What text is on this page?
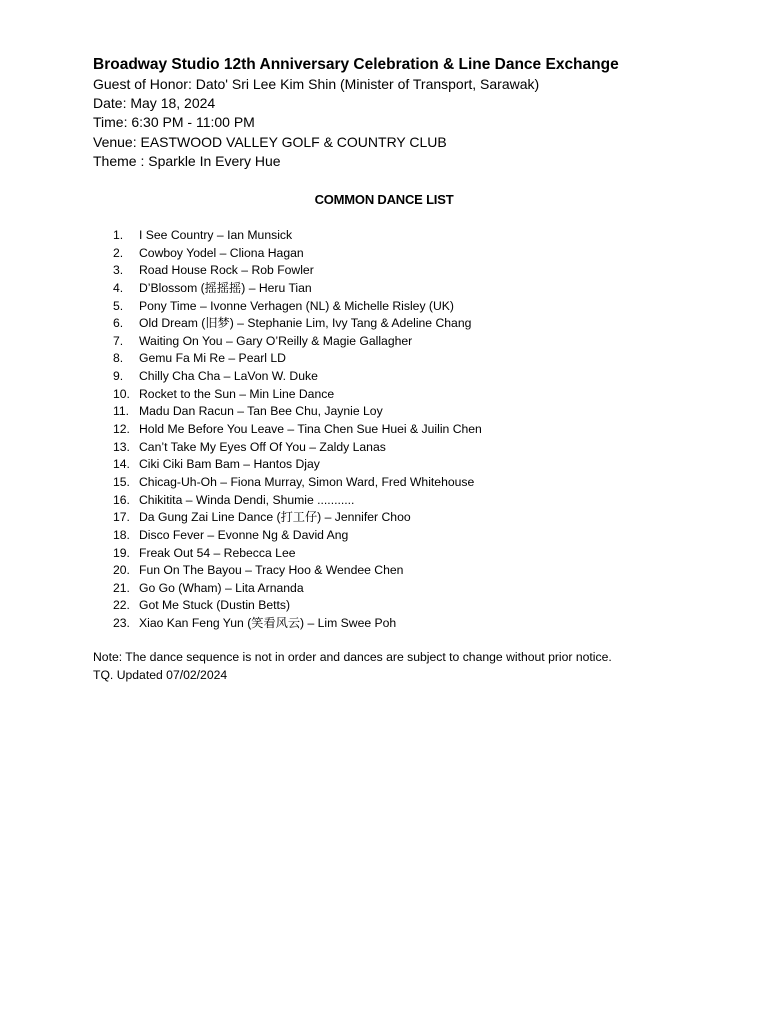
Broadway Studio 12th Anniversary Celebration & Line Dance Exchange
Guest of Honor: Dato' Sri Lee Kim Shin (Minister of Transport, Sarawak)
Date: May 18, 2024
Time: 6:30 PM - 11:00 PM
Venue: EASTWOOD VALLEY GOLF & COUNTRY CLUB
Theme : Sparkle In Every Hue
COMMON DANCE LIST
1.	I See Country – Ian Munsick
2.	Cowboy Yodel – Cliona Hagan
3.	Road House Rock – Rob Fowler
4.	D’Blossom (摇摇摇) – Heru Tian
5.	Pony Time – Ivonne Verhagen (NL) & Michelle Risley (UK)
6.	Old Dream (旧梦) – Stephanie Lim, Ivy Tang & Adeline Chang
7.	Waiting On You – Gary O’Reilly & Magie Gallagher
8.	Gemu Fa Mi Re – Pearl LD
9.	Chilly Cha Cha – LaVon W. Duke
10. Rocket to the Sun – Min Line Dance
11. Madu Dan Racun – Tan Bee Chu, Jaynie Loy
12. Hold Me Before You Leave – Tina Chen Sue Huei & Juilin Chen
13. Can’t Take My Eyes Off Of You – Zaldy Lanas
14. Ciki Ciki Bam Bam – Hantos Djay
15. Chicag-Uh-Oh – Fiona Murray, Simon Ward, Fred Whitehouse
16. Chikitita – Winda Dendi, Shumie ...........
17. Da Gung Zai Line Dance (打工仔) – Jennifer Choo
18. Disco Fever – Evonne Ng & David Ang
19. Freak Out 54 – Rebecca Lee
20. Fun On The Bayou – Tracy Hoo & Wendee Chen
21. Go Go (Wham) – Lita Arnanda
22. Got Me Stuck (Dustin Betts)
23. Xiao Kan Feng Yun (笑看风云) – Lim Swee Poh
Note: The dance sequence is not in order and dances are subject to change without prior notice.
TQ. Updated 07/02/2024
